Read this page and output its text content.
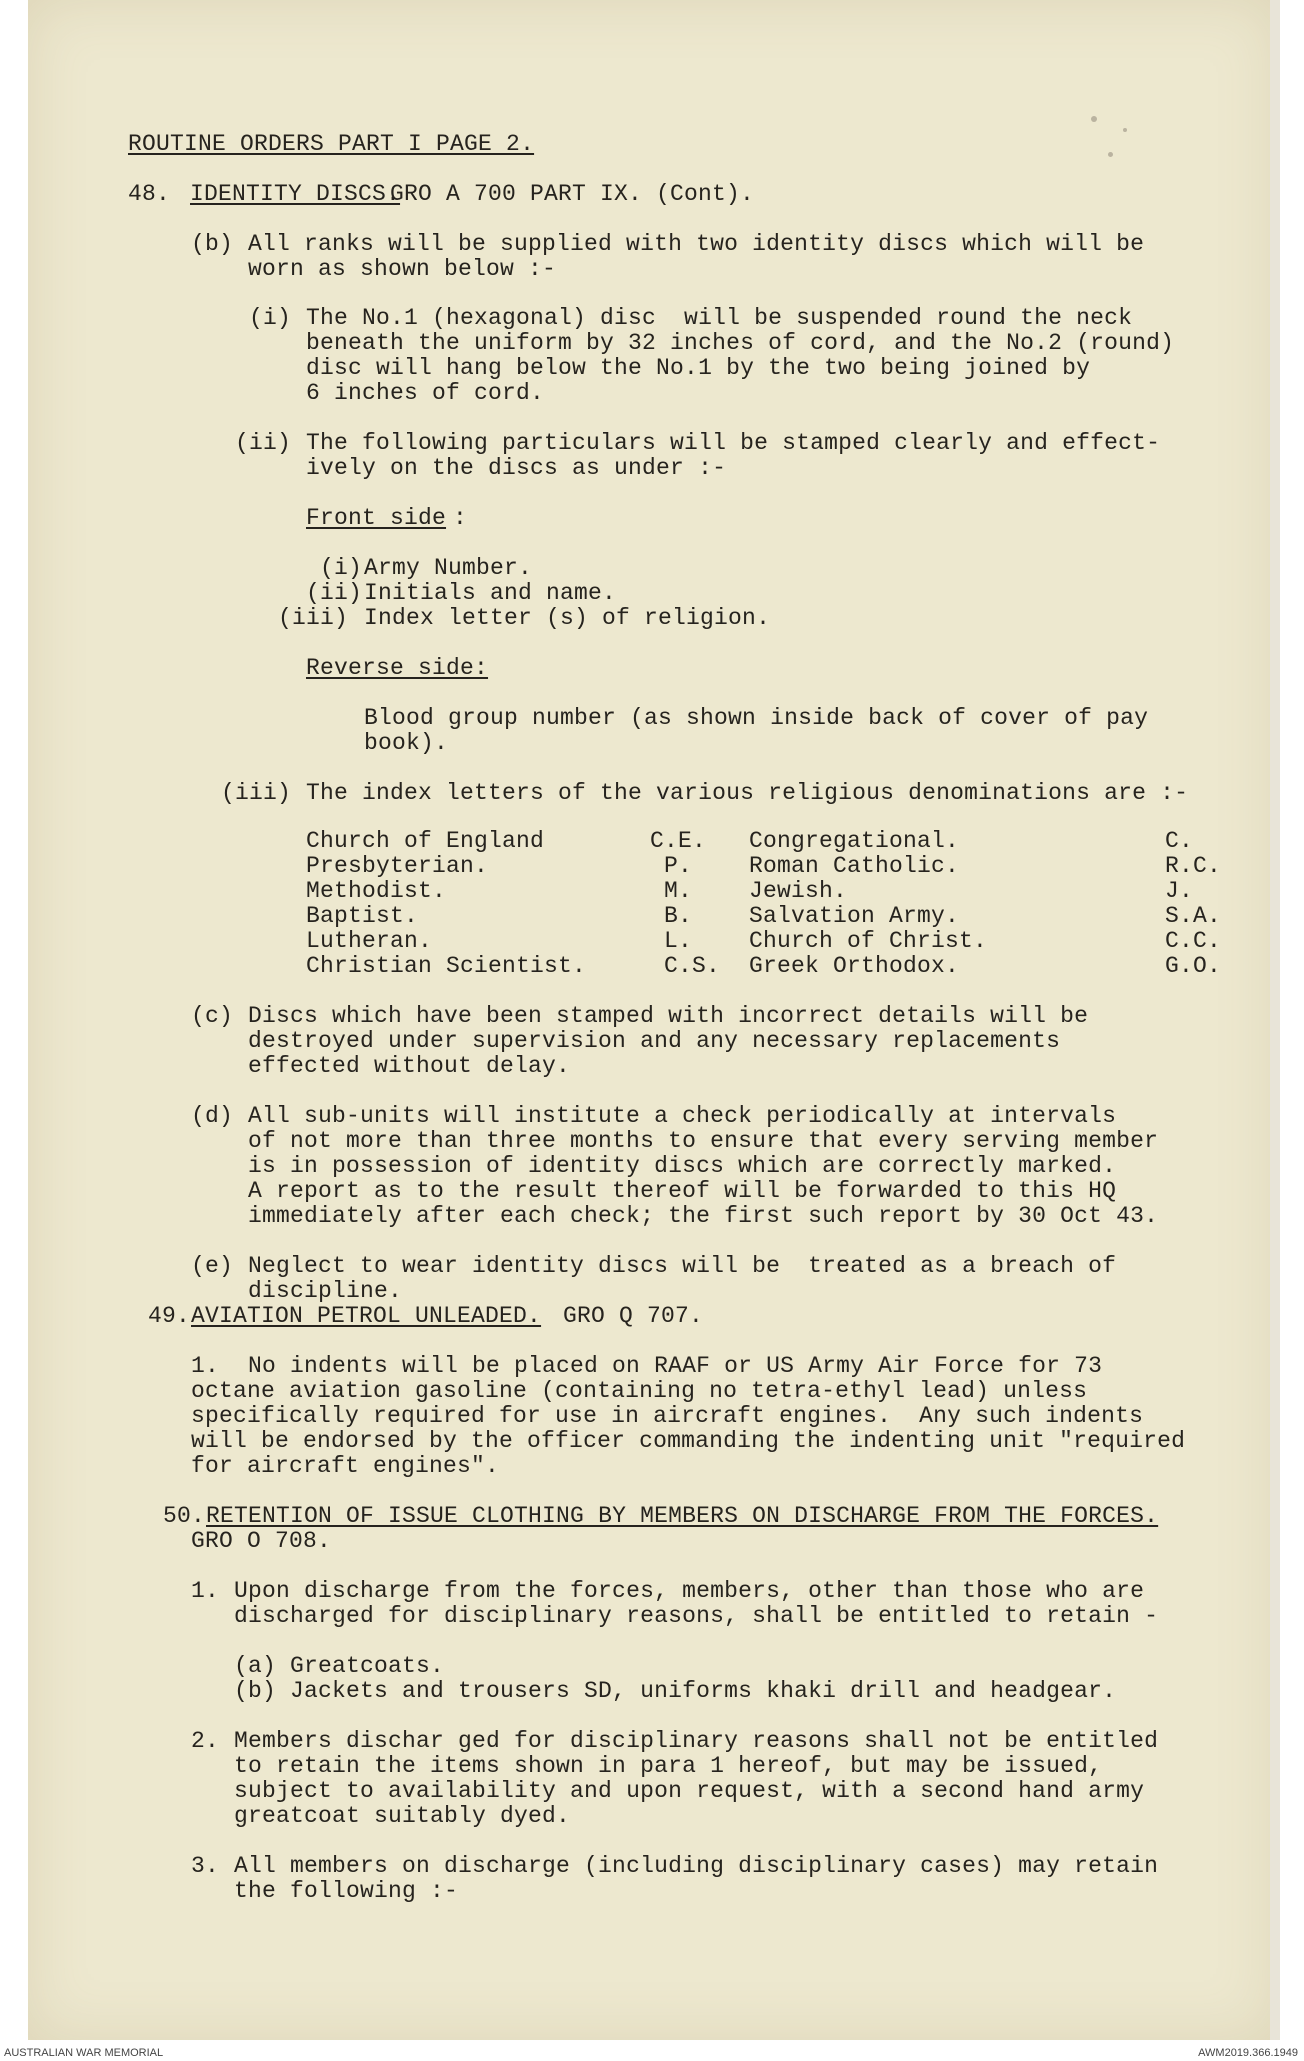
ROUTINE ORDERS PART I PAGE 2.
48. IDENTITY DISCS.
GRO A 700 PART IX. (Cont).
(b) All ranks will be supplied with two identity discs which will be
worn as shown below :-
(i) The No.1 (hexagonal) disc  will be suspended round the neck
beneath the uniform by 32 inches of cord, and the No.2 (round)
disc will hang below the No.1 by the two being joined by
6 inches of cord.
(ii) The following particulars will be stamped clearly and effect-
ively on the discs as under :-
Front side :
(i) Army Number.
(ii) Initials and name.
(iii) Index letter (s) of religion.
Reverse side:
Blood group number (as shown inside back of cover of pay
book).
(iii) The index letters of the various religious denominations are :-
Church of England	C.E. Congregational.	C.
Presbyterian.	P. Roman Catholic.	R.C.
Methodist.	M. Jewish.	J.
Baptist.	B. Salvation Army.	S.A.
Lutheran.	L. Church of Christ.	C.C.
Christian Scientist.	C.S. Greek Orthodox.	G.O.
(c) Discs which have been stamped with incorrect details will be
destroyed under supervision and any necessary replacements
effected without delay.
(d) All sub-units will institute a check periodically at intervals
of not more than three months to ensure that every serving member
is in possession of identity discs which are correctly marked.
A report as to the result thereof will be forwarded to this HQ
immediately after each check; the first such report by 30 Oct 43.
(e) Neglect to wear identity discs will be  treated as a breach of
discipline.
49. AVIATION PETROL UNLEADED. GRO Q 707.
1. No indents will be placed on RAAF or US Army Air Force for 73
octane aviation gasoline (containing no tetra-ethyl lead) unless
specifically required for use in aircraft engines.  Any such indents
will be endorsed by the officer commanding the indenting unit "required
for aircraft engines".
50. RETENTION OF ISSUE CLOTHING BY MEMBERS ON DISCHARGE FROM THE FORCES.
GRO O 708.
1. Upon discharge from the forces, members, other than those who are
discharged for disciplinary reasons, shall be entitled to retain -
(a) Greatcoats.
(b) Jackets and trousers SD, uniforms khaki drill and headgear.
2. Members dischar ged for disciplinary reasons shall not be entitled
to retain the items shown in para 1 hereof, but may be issued,
subject to availability and upon request, with a second hand army
greatcoat suitably dyed.
3. All members on discharge (including disciplinary cases) may retain
the following :-
AUSTRALIAN WAR MEMORIAL	AWM2019.366.1949
